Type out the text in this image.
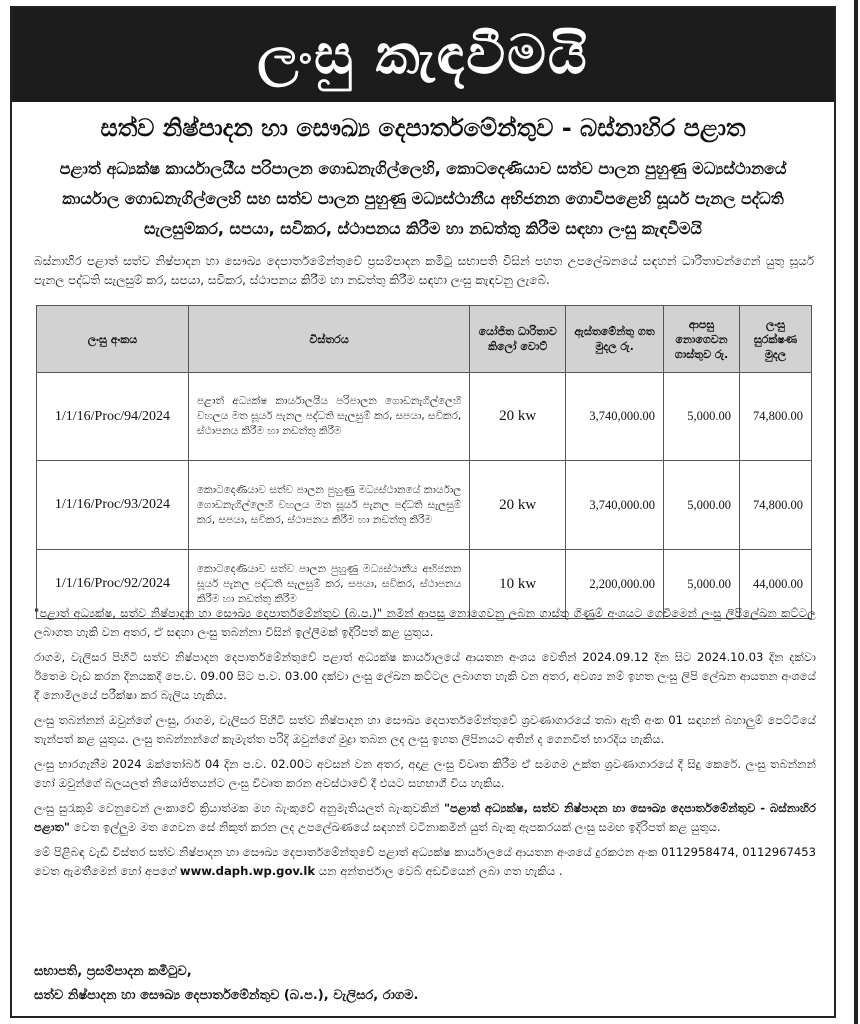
ලංසු කැඳවීමයි
සත්ව නිෂ්පාදන හා සෞඛ්‍ය දෙපාර්තමේන්තුව - බස්නාහිර පළාත
පළාත් අධ්‍යක්ෂ කාර්යාලයීය පරිපාලන ගොඩනැගිල්ලෙහි, කොටදෙණියාව සත්ව පාලන පුහුණු මධ්‍යස්ථානයේ කාර්යාල ගොඩනැගිල්ලෙහි සහ සත්ව පාලන පුහුණු මධ්‍යස්ථානීය අභිජනන ගොවිපළෙහි සූර්ය පැනල පද්ධති සැලසුම්කර, සපයා, සවිකර, ස්ථාපනය කිරීම හා නඩත්තු කිරීම සඳහා ලංසු කැඳවීමයි
බස්නාහිර පළාත් සත්ව නිෂ්පාදන හා සෞඛ්‍ය දෙපාර්තමේන්තුවේ ප්‍රසම්පාදන කමිටු සභාපති විසින් පහත උපලේඛනයේ සඳහන් ධාරිතාවන්ගෙන් යුතු සූර්ය පැනල පද්ධති සැලසුම් කර, සපයා, සවිකර, ස්ථාපනය කිරීම හා නඩත්තු කිරීම සඳහා ලංසු කැඳවනු ලැබේ.
ලංසු අංකය	විස්තරය	යෝජිත ධාරිතාව කිලෝ වොට්	ඇස්තමේන්තු ගත මුදල රු.	ආපසු නොගෙවන ගාස්තුව රු.	ලංසු සුරක්ෂණ මුදල
1/1/16/Proc/94/2024	පළාත් අධ්‍යක්ෂ කාර්යාලයීය පරිපාලන ගොඩනැගිල්ලෙහි වහලය මත සූර්ය පැනල පද්ධති සැලසුම් කර, සපයා, සවිකර, ස්ථාපනය කිරීම හා නඩත්තු කිරීම	20 kw	3,740,000.00	5,000.00	74,800.00
1/1/16/Proc/93/2024	කොටදෙණියාව සත්ව පාලන පුහුණු මධ්‍යස්ථානයේ කාර්යාල ගොඩනැගිල්ලෙහි වහලය මත සූර්ය පැනල පද්ධති සැලසුම් කර, සපයා, සවිකර, ස්ථාපනය කිරීම හා නඩත්තු කිරීම	20 kw	3,740,000.00	5,000.00	74,800.00
1/1/16/Proc/92/2024	කොටදෙණියාව සත්ව පාලන පුහුණු මධ්‍යස්ථානීය අභිජනන සූර්ය පැනල පද්ධති සැලසුම් කර, සපයා, සවිකර, ස්ථාපනය කිරීම හා නඩත්තු කිරීම	10 kw	2,200,000.00	5,000.00	44,000.00

"පළාත් අධ්‍යක්ෂ, සත්ව නිෂ්පාදන හා සෞඛ්‍ය දෙපාර්තමේන්තුව (බ.ප.)" නමින් ආපසු නොගෙවනු ලබන ගාස්තු ගිණුම් අංශයට ගෙවීමෙන් ලංසු ලිපිලේඛන කට්ටල ලබාගත හැකි වන අතර, ඒ සඳහා ලංසු තබන්නා විසින් ඉල්ලීමක් ඉදිරිපත් කළ යුතුය.

රාගම, වැලිසර පිහිටි සත්ව නිෂ්පාදන දෙපාර්තමේන්තුවේ පළාත් අධ්‍යක්ෂ කාර්යාලයේ ආයතන අංශය වෙතින් 2024.09.12 දින සිට 2024.10.03 දින දක්වා ඊතෙම වැඩ කරන දිනයකදී පෙ.ව. 09.00 සිට ප.ව. 03.00 දක්වා ලංසු ලේඛන කට්ටල ලබාගත හැකි වන අතර, අවශ්‍ය නම් ඉහත ලංසු ලිපි ලේඛන ආයතන අංශයේ දී නොමිලයේ පරීක්ෂා කර බැලිය හැකිය.

ලංසු තබන්නන් ඔවුන්ගේ ලංසු, රාගම, වැලිසර පිහිටි සත්ව නිෂ්පාදන හා සෞඛ්‍ය දෙපාර්තමේන්තුවේ ශ්‍රවණාගාරයේ තබා ඇති අංක 01 සඳහන් බහාලුම් පෙට්ටියේ තැන්පත් කළ යුතුය. ලංසු තබන්නන්ගේ කැමැත්ත පරිදි ඔවුන්ගේ මුද්‍රා තබන ලද ලංසු ඉහත ලිපිනයට අතින් ද ගෙනවිත් භාරදිය හැකිය.

ලංසු භාරගැනීම 2024 ඔක්තෝබර් 04 දින ප.ව. 02.00ට අවසන් වන අතර, අදාළ ලංසු විවෘත කිරීම ඒ සමගම උක්ත ශ්‍රවණාගාරයේ දී සිදු කෙරේ. ලංසු තබන්නන් හෝ ඔවුන්ගේ බලයලත් නියෝජිතයන්ට ලංසු විවෘත කරන අවස්ථාවේ දී එයට සහභාගී විය හැකිය.

ලංසු සුරැකුම් වෙනුවෙන් ලංකාවේ ක්‍රියාත්මක මහ බැංකුවේ අනුමැතියලත් බැංකුවකින් "පළාත් අධ්‍යක්ෂ, සත්ව නිෂ්පාදන හා සෞඛ්‍ය දෙපාර්තමේන්තුව - බස්නාහිර පළාත" වෙත ඉල්ලුම මත ගෙවන සේ නිකුත් කරන ලද උපලේඛණයේ සඳහන් වටිනාකමින් යුත් බැංකු ඇපකරයක් ලංසු සමඟ ඉදිරිපත් කළ යුතුය.

මේ පිළිබඳ වැඩි විස්තර සත්ව නිෂ්පාදන හා සෞඛ්‍ය දෙපාර්තමේන්තුවේ පළාත් අධ්‍යක්ෂ කාර්යාලයේ ආයතන අංශයේ දුරකථන අංක 0112958474, 0112967453 වෙත ඇමතීමෙන් හෝ අපගේ www.daph.wp.gov.lk යන අන්තර්ජාල වෙබ් අඩවියෙන් ලබා ගත හැකිය .

සභාපති, ප්‍රසම්පාදන කමිටුව,
සත්ව නිෂ්පාදන හා සෞඛ්‍ය දෙපාර්තමේන්තුව (බ.ප.), වැලිසර, රාගම.
